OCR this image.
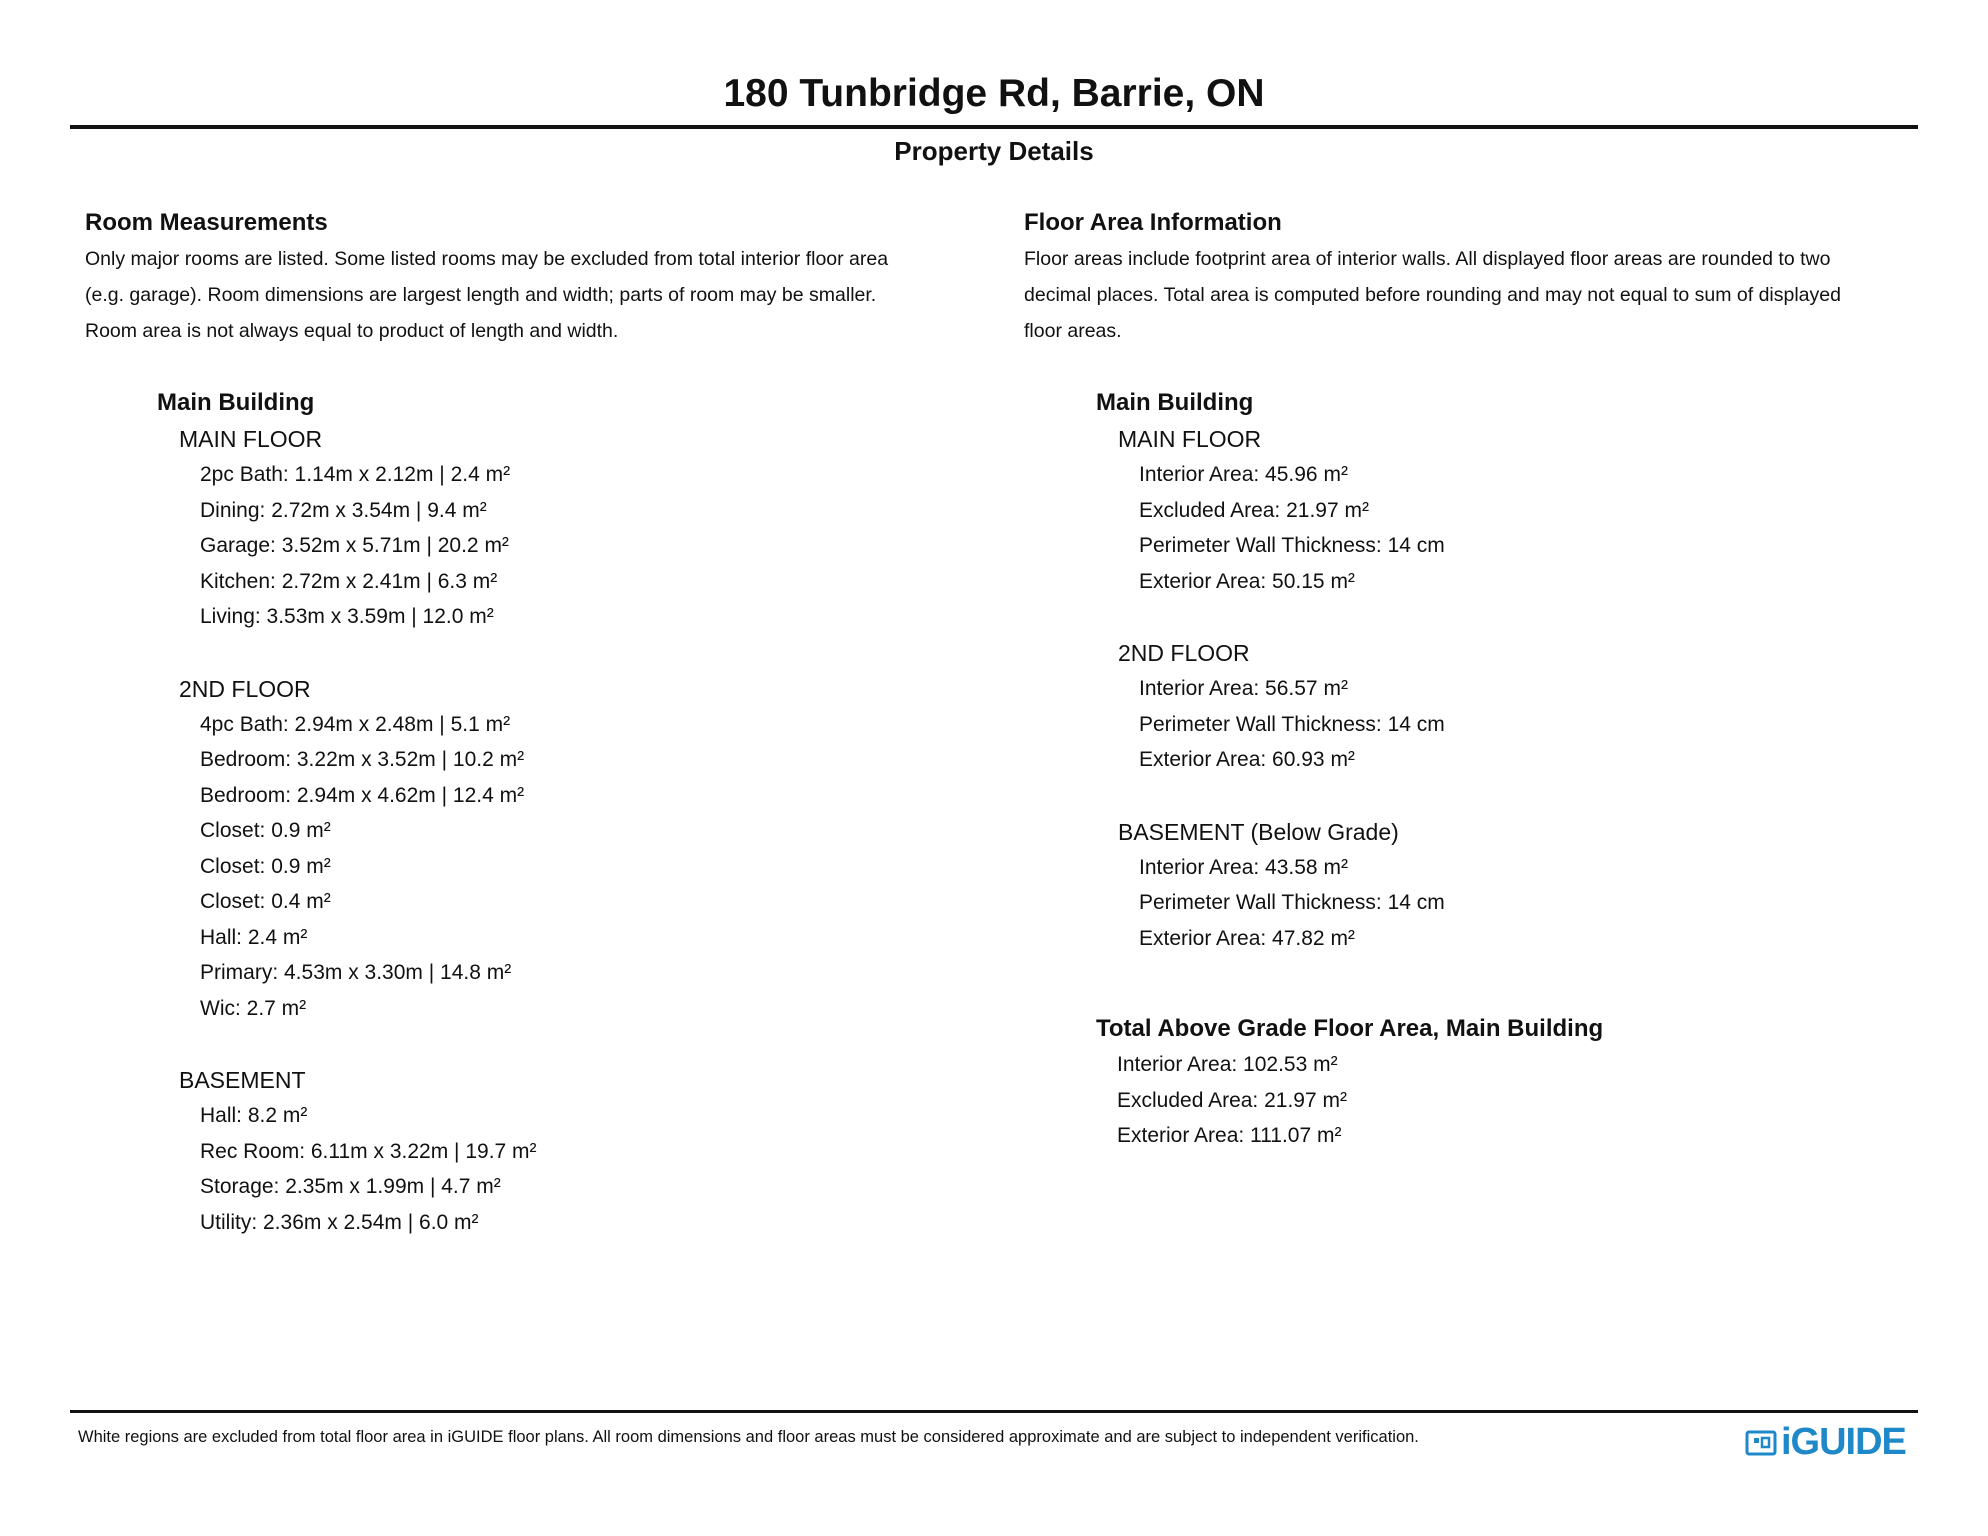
180 Tunbridge Rd, Barrie, ON
Property Details
Room Measurements
Only major rooms are listed. Some listed rooms may be excluded from total interior floor area
(e.g. garage). Room dimensions are largest length and width; parts of room may be smaller.
Room area is not always equal to product of length and width.
Main Building
MAIN FLOOR
2pc Bath: 1.14m x 2.12m | 2.4 m²
Dining: 2.72m x 3.54m | 9.4 m²
Garage: 3.52m x 5.71m | 20.2 m²
Kitchen: 2.72m x 2.41m | 6.3 m²
Living: 3.53m x 3.59m | 12.0 m²
2ND FLOOR
4pc Bath: 2.94m x 2.48m | 5.1 m²
Bedroom: 3.22m x 3.52m | 10.2 m²
Bedroom: 2.94m x 4.62m | 12.4 m²
Closet: 0.9 m²
Closet: 0.9 m²
Closet: 0.4 m²
Hall: 2.4 m²
Primary: 4.53m x 3.30m | 14.8 m²
Wic: 2.7 m²
BASEMENT
Hall: 8.2 m²
Rec Room: 6.11m x 3.22m | 19.7 m²
Storage: 2.35m x 1.99m | 4.7 m²
Utility: 2.36m x 2.54m | 6.0 m²
Floor Area Information
Floor areas include footprint area of interior walls. All displayed floor areas are rounded to two
decimal places. Total area is computed before rounding and may not equal to sum of displayed
floor areas.
Main Building
MAIN FLOOR
Interior Area: 45.96 m²
Excluded Area: 21.97 m²
Perimeter Wall Thickness: 14 cm
Exterior Area: 50.15 m²
2ND FLOOR
Interior Area: 56.57 m²
Perimeter Wall Thickness: 14 cm
Exterior Area: 60.93 m²
BASEMENT (Below Grade)
Interior Area: 43.58 m²
Perimeter Wall Thickness: 14 cm
Exterior Area: 47.82 m²
Total Above Grade Floor Area, Main Building
Interior Area: 102.53 m²
Excluded Area: 21.97 m²
Exterior Area: 111.07 m²
White regions are excluded from total floor area in iGUIDE floor plans. All room dimensions and floor areas must be considered approximate and are subject to independent verification.	iGUIDE
